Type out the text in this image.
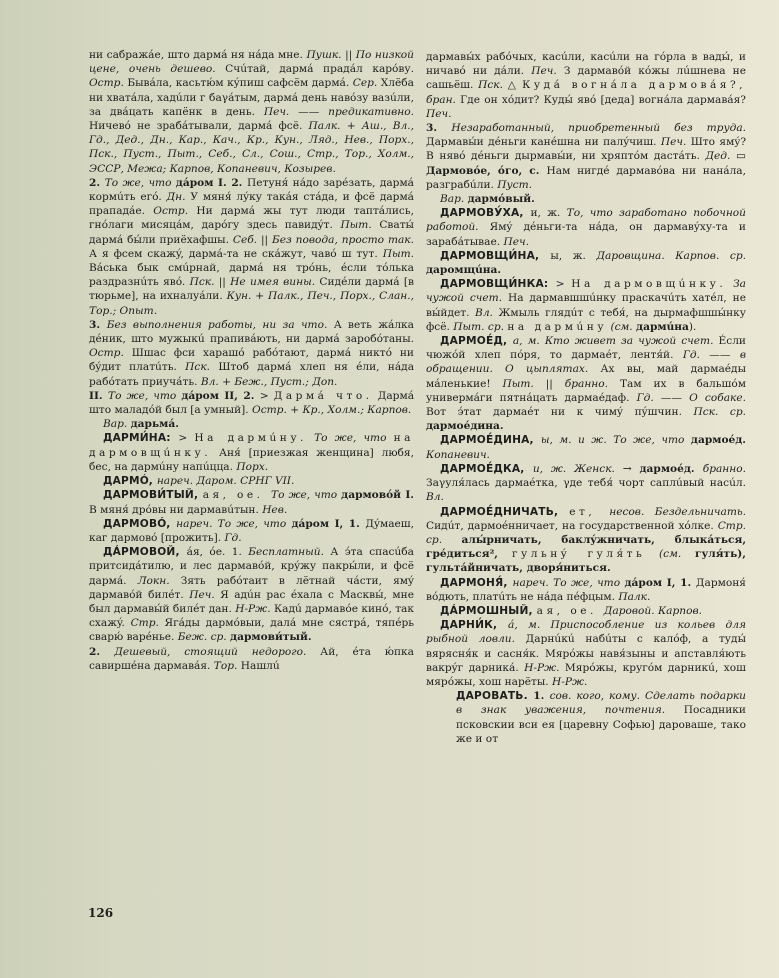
ни сабражáе, што дармá ня нáда мне. Пушк. || По низкой цене, очень дешево. Счúтай, дармá прадáл карóву. Остр. Бывáла, касьтю́м кýпиш сафсём дармá. Сер. Хлёба ни хватáла, хадúли г баγáтым, дармá день навóзу вазúли, за двáцать капёнк в день. Печ. —— предикативно. Ничевó не зрабáтывали, дармá фсё. Палк. + Аш., Вл., Гд., Дед., Дн., Кар., Кач., Кр., Кун., Ляд., Нев., Порх., Пск., Пуст., Пыт., Себ., Сл., Сош., Стр., Тор., Холм., ЭССР, Межа; Карпов, Копаневич, Козырев.

2. То же, что дáром I. 2. Петуня́ нáдо зарéзать, дармá кормúть егó. Дн. У мяня́ лýку такáя стáда, и фсё дармá прападáе. Остр. Ни дармá жы тут люди таптáлись, гнóлаги мисяцáм, дарóгу здесь павидýт. Пыт. Сваты́ дармá бы́ли приёхафшы. Себ. || Без повода, просто так. А я фсем скажý, дармá-та не скáжут, чавó ш тут. Пыт. Вáська бык смúрнай, дармá ня трóнь, éсли тóлька раздразнúть явó. Пск. || Не имея вины. Сидéли дармá [в тюрьме], на ихналуáли. Кун. + Палк., Печ., Порх., Слан., Тор.; Опыт.

3. Без выполнения работы, ни за что. А веть жáлка дéник, што мужыкú прапивáють, ни дармá заробóтаны. Остр. Шшас фси харашó рабóтают, дармá никтó ни бýдит платúть. Пск. Штоб дармá хлеп ня éли, нáда рабóтать приучáть. Вл. + Беж., Пуст.; Доп.

II. То же, что дáром II, 2. > Дармá что. Дармá што маладóй был [а умный]. Остр. + Кр., Холм.; Карпов.

Вар. дарьмá.

ДАРМИ́НА: > На дармúну. То же, что на дармовщúнку. Аня́ [приезжая женщина] любя, бес, на дармúну напúцца. Порх.

ДАРМÓ, нареч. Даром. СРНГ VII.

ДАРМОВИ́ТЫЙ, ая, ое. То же, что дармовóй I. В мяня́ дрóвы ни дармавúтын. Нев.

ДАРМОВÓ, нареч. То же, что дáром I, 1. Дýмаеш, каг дармовó [прожить]. Гд.

ДÁРМОВОЙ, áя, óе. 1. Бесплатный. А э́та спасúба притсидáтилю, и лес дармавóй, крýжу пакры́ли, и фсё дармá. Локн. Зять рабóтаит в лётнай чáсти, ямý дармавóй билéт. Печ. Я адúн рас éхала с Масквы́, мне был дармавы́й билéт дан. Н-Рж. Кадú дармавóе кинó, так схажý. Стр. Ягáды дармóвыи, далá мне сястрá, тяпéрь сварю́ варéнье. Беж. ср. дармови́тый.

2. Дешевый, стоящий недорого. Ай, éта ю́пка савиршéна дармавáя. Тор. Нашлú

дармавы́х рабóчых, касúли, касúли на гóрла в вады́, и ничавó ни дáли. Печ. З дармавóй кóжы лúшнева не сашьёш. Пск. △ Кудá вогнáла дармовáя?, бран. Где он хóдит? Куды́ явó [деда] вогнáла дармавáя? Печ.

3. Незаработанный, приобретенный без труда. Дармавы́и дéньги канéшна ни палýчиш. Печ. Што ямý? В нявó дéньги дырмавы́и, ни хряптóм дастáть. Дед. ▭ Дармовóе, óго, с. Нам нигдé дармавóва ни нанáла, разграбúли. Пуст.

Вар. дармóвый.

ДАРМОВУ́ХА, и, ж. То, что заработано побочной работой. Ямý дéньги-та нáда, он дармавýху-та и зарабáтывае. Печ.

ДАРМОВЩИ́НА, ы, ж. Даровщина. Карпов. ср. даромщúна.

ДАРМОВЩИ́НКА: > На дармовщúнку. За чужой счет. На дармавшшúнку праскачúть хатéл, не вы́йдет. Вл. Жмыль глядúт с тебя́, на дырмафшшы́нку фсё. Пыт. ср. на дармúну (см. дармúна).

ДАРМОЕ́Д, а, м. Кто живет за чужой счет. Éсли чюжóй хлеп пóря, то дармаéт, лентя́й. Гд. —— в обращении. О цыплятах. Ах вы, май дармаéды мáленькие! Пыт. || бранно. Там их в бальшóм универмáги пятнáцать дармаéдаф. Гд. —— О собаке. Вот э́тат дармаéт ни к чимý пýшчин. Пск. ср. дармоéдина.

ДАРМОЕ́ДИНА, ы, м. и ж. То же, что дармоéд. Копаневич.

ДАРМОЕ́ДКА, и, ж. Женск. → дармоéд. бранно. Заγуля́лась дармаéтка, γде тебя́ чорт саплúвый насúл. Вл.

ДАРМОЕ́ДНИЧАТЬ, ет, несов. Бездельничать. Сидúт, дармоéнничает, на государственной хóлке. Стр. ср. алы́рничать, баклýжничать, блыкáться, грéдиться², гульнý гуля́ть (см. гуля́ть), гультáйничать, дворя́ниться.

ДАРМОНЯ́, нареч. То же, что дáром I, 1. Дармоня́ вóдють, платúть не нáда пéфцым. Палк.

ДÁРМОШНЫЙ, ая, ое. Даровой. Карпов.

ДАРНИ́К, á, м. Приспособление из кольев для рыбной ловли. Дарнúкú набúты с калóф, а туды́ вярясня́к и сасня́к. Мярóжы навя́зыны и апставля́ють вакрýг дарникá. Н-Рж. Мярóжы, кругóм дарникú, хош мярóжы, хош нарёты. Н-Рж.

ДАРОВАТЬ. 1. сов. кого, кому. Сделать подарки в знак уважения, почтения. Посадники псковскии вси ея [царевну Софью] дароваше, тако же и от

126
